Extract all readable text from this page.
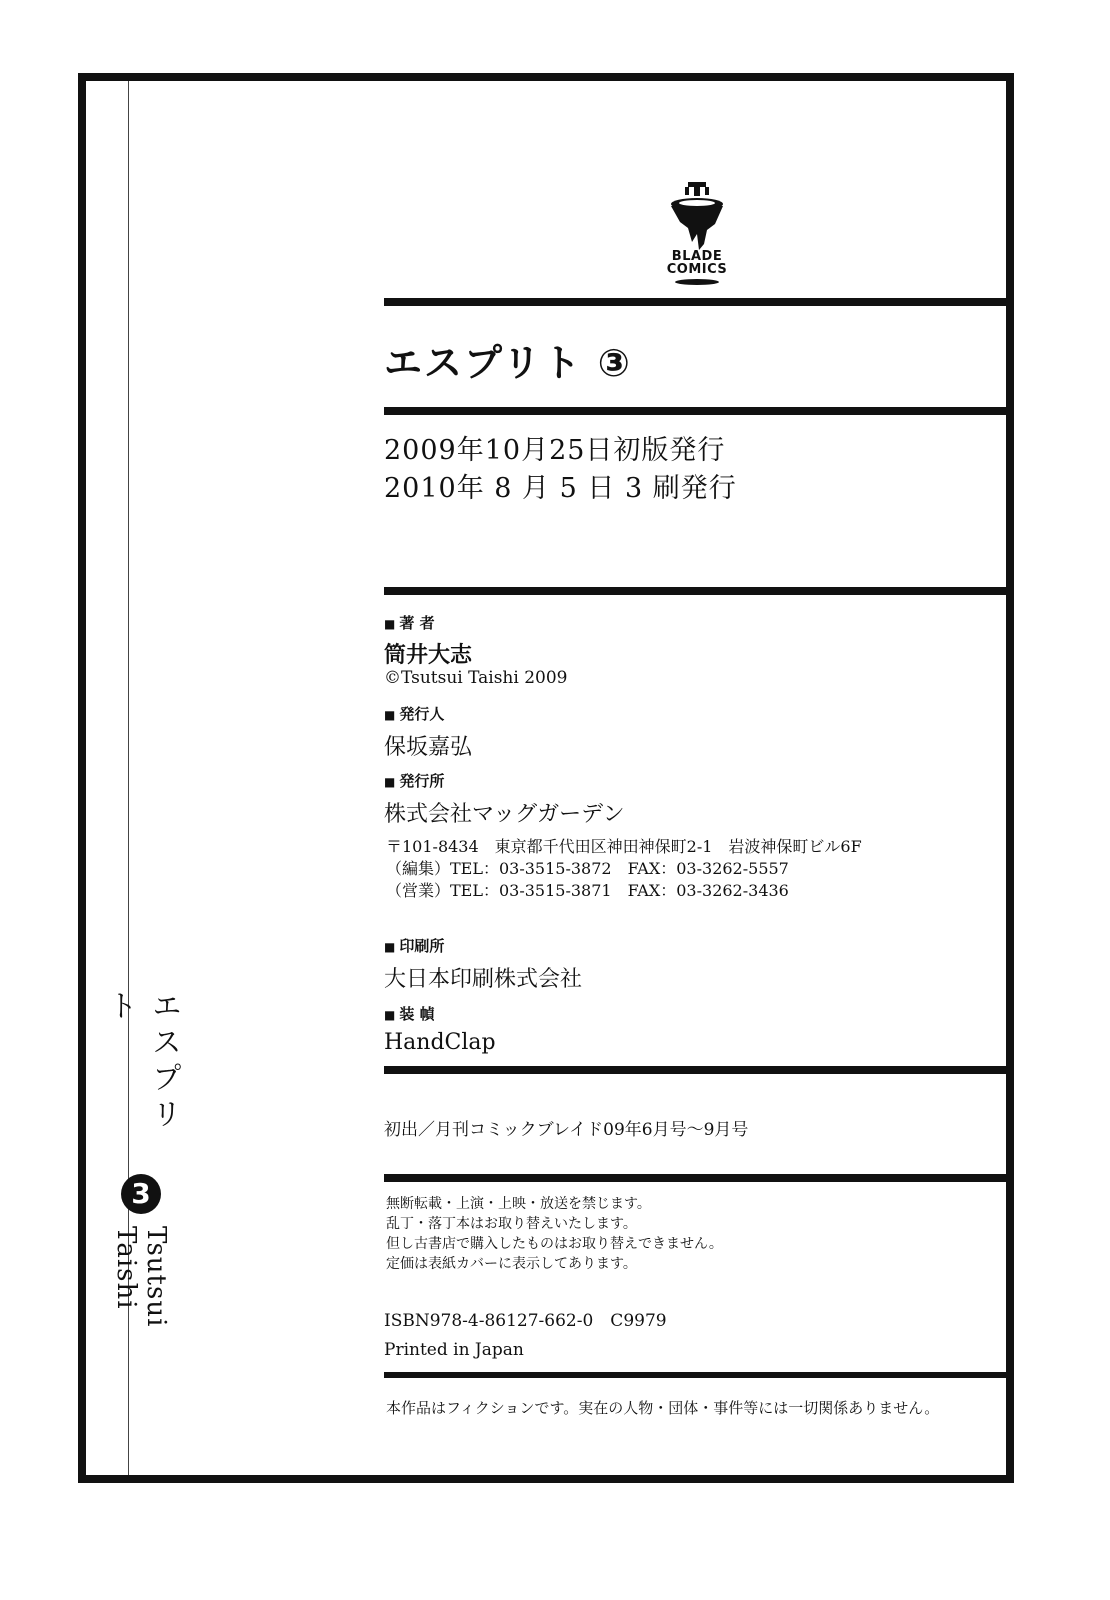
エスプリト
3
Tsutsui Taishi
BLADE
COMICS
エスプリト ③
2009年10月25日初版発行
2010年 8 月 5 日 3 刷発行
■ 著 者
筒井大志
©Tsutsui Taishi 2009
■ 発行人
保坂嘉弘
■ 発行所
株式会社マッグガーデン
〒101-8434　東京都千代田区神田神保町2-1　岩波神保町ビル6F
（編集）TEL：03-3515-3872　FAX：03-3262-5557
（営業）TEL：03-3515-3871　FAX：03-3262-3436
■ 印刷所
大日本印刷株式会社
■ 装 幀
HandClap
初出／月刊コミックブレイド09年6月号～9月号
無断転載・上演・上映・放送を禁じます。
乱丁・落丁本はお取り替えいたします。
但し古書店で購入したものはお取り替えできません。
定価は表紙カバーに表示してあります。
ISBN978-4-86127-662-0　C9979
Printed in Japan
本作品はフィクションです。実在の人物・団体・事件等には一切関係ありません。
